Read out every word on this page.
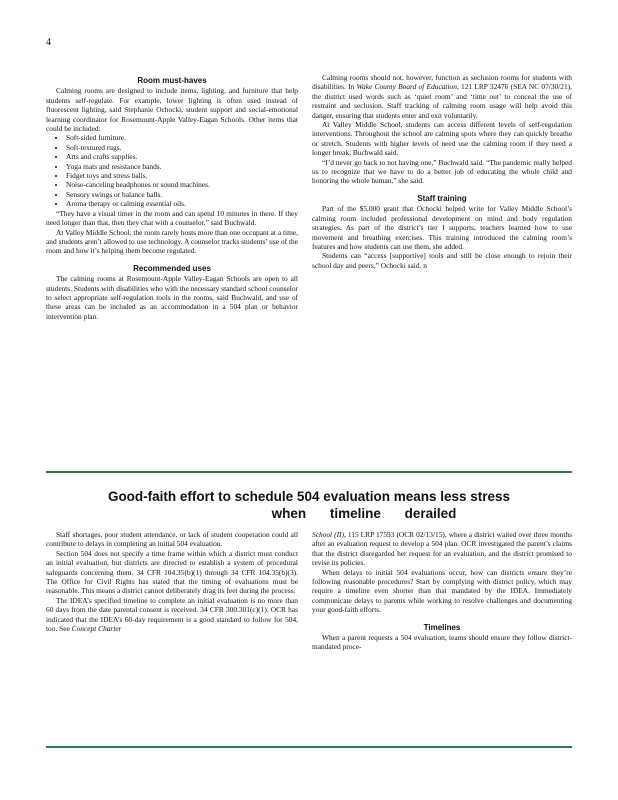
4
Room must-haves

Calming rooms are designed to include items, lighting, and furniture that help students self-regulate. For example, lower lighting is often used instead of fluorescent lighting, said Stephanie Ochocki, student support and social-emotional learning coordinator for Rosemount-Apple Valley-Eagan Schools. Other items that could be included:

• Soft-sided furniture.
• Soft-textured rugs.
• Arts and crafts supplies.
• Yoga mats and resistance bands.
• Fidget toys and stress balls.
• Noise-canceling headphones or sound machines.
• Sensory swings or balance balls.
• Aroma therapy or calming essential oils.

“They have a visual timer in the room and can spend 10 minutes in there. If they need longer than that, then they chat with a counselor,” said Buchwald.

At Valley Middle School, the room rarely hosts more than one occupant at a time, and students aren’t allowed to use technology. A counselor tracks students’ use of the room and how it’s helping them become regulated.

Recommended uses

The calming rooms at Rosemount-Apple Valley-Eagan Schools are open to all students. Students with disabilities who with the necessary standard school counselor to select appropriate self-regulation tools in the rooms, said Buchwald, and use of these areas can be included as an accommodation in a 504 plan or behavior intervention plan.

Calming rooms should not, however, function as seclusion rooms for students with disabilities. In Wake County Board of Education, 121 LRP 32476 (SEA NC 07/30/21), the district used words such as ‘quiet room’ and ‘time out’ to conceal the use of restraint and seclusion. Staff tracking of calming room usage will help avoid this danger, ensuring that students enter and exit voluntarily.

At Valley Middle School, students can access different levels of self-regulation interventions. Throughout the school are calming spots where they can quickly breathe or stretch. Students with higher levels of need use the calming room if they need a longer break, Buchwald said.

“I’d never go back to not having one,” Buchwald said. “The pandemic really helped us to recognize that we have to do a better job of educating the whole child and honoring the whole human,” she said.

Staff training

Part of the $5,000 grant that Ochocki helped write for Valley Middle School’s calming room included professional development on mind and body regulation strategies. As part of the district’s tier I supports, teachers learned how to use movement and breathing exercises. This training introduced the calming room’s features and how students can use them, she added.

Students can “access [supportive] tools and still be close enough to rejoin their school day and peers,” Ochocki said. n

Good-faith effort to schedule 504 evaluation means less stress
when timeline derailed

Staff shortages, poor student attendance, or lack of student cooperation could all contribute to delays in completing an initial 504 evaluation.

Section 504 does not specify a time frame within which a district must conduct an initial evaluation, but districts are directed to establish a system of procedural safeguards concerning them. 34 CFR 104.35(b)(1) through 34 CFR 104.35(b)(3). The Office for Civil Rights has stated that the timing of evaluations must be reasonable. This means a district cannot deliberately drag its feet during the process.

The IDEA’s specified timeline to complete an initial evaluation is no more than 60 days from the date parental consent is received. 34 CFR 300.301(c)(1). OCR has indicated that the IDEA’s 60-day requirement is a good standard to follow for 504, too. See Concept Charter

School (II), 115 LRP 17593 (OCR 02/13/15), where a district waited over three months after an evaluation request to develop a 504 plan. OCR investigated the parent’s claims that the district disregarded her request for an evaluation, and the district promised to revise its policies.

When delays to initial 504 evaluations occur, how can districts ensure they’re following reasonable procedures? Start by complying with district policy, which may require a timeline even shorter than that mandated by the IDEA. Immediately communicate delays to parents while working to resolve challenges and documenting your good-faith efforts.

Timelines

When a parent requests a 504 evaluation, teams should ensure they follow district-mandated proce-
